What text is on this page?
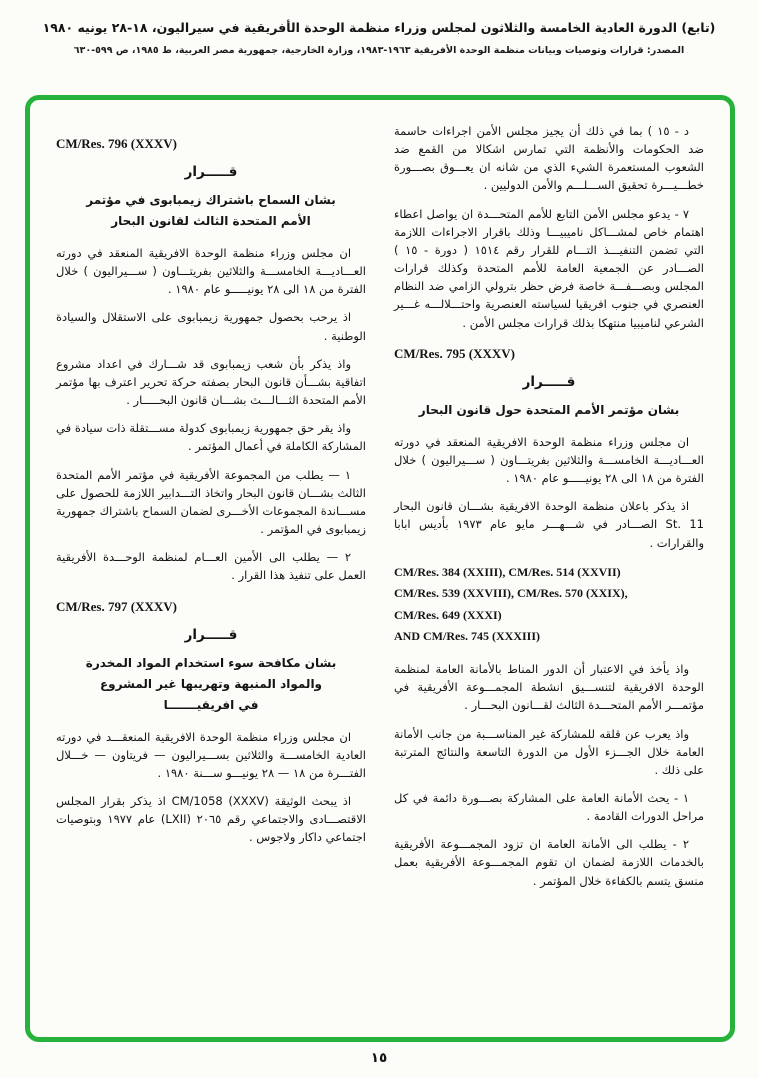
(تابع) الدورة العادية الخامسة والثلاثون لمجلس وزراء منظمة الوحدة الأفريقية في سيراليون، ١٨-٢٨ يونيه ١٩٨٠
المصدر: قرارات وتوصيات وبيانات منظمة الوحدة الأفريقية ١٩٦٣-١٩٨٣، وزارة الخارجية، جمهورية مصر العربية، ط ١٩٨٥، ص ٥٩٩-٦٣٠

د - ١٥ ) بما في ذلك أن يجيز مجلس الأمن اجراءات حاسمة ضد الحكومات والأنظمة التي تمارس اشكالا من القمع ضد الشعوب المستعمرة الشيء الذي من شانه ان يعـــوق بصـــورة خطـــيـــرة تحقيق الســـلـــم والأمن الدوليين .

٧ - يدعو مجلس الأمن التابع للأمم المتحـــدة ان يواصل اعطاء اهتمام خاص لمشـــاكل ناميبيـــا وذلك باقرار الاجراءات اللازمة التي تضمن التنفيـــذ التـــام للقرار رقم ١٥١٤ ( دورة - ١٥ ) الصـــادر عن الجمعية العامة للأمم المتحدة وكذلك قرارات المجلس وبصـــفـــة خاصة فرض حظر بترولي الزامي ضد النظام العنصري في جنوب افريقيا لسياسته العنصرية واحتـــلالـــه غـــير الشرعي لناميبيا منتهكا بذلك قرارات مجلس الأمن .

CM/Res. 795 (XXXV)
قـــــرار
بشان مؤتمر الأمم المتحدة حول قانون البحار

ان مجلس وزراء منظمة الوحدة الافريقية المنعقد في دورته العـــاديـــة الخامســـة والثلاثين بفريتـــاون ( ســـيراليون ) خلال الفترة من ١٨ الى ٢٨ يونيـــــو عام ١٩٨٠ .

اذ يذكر باعلان منظمة الوحدة الافريقية بشـــان قانون البحار St. 11 الصـــادر في شـــهـــر مايو عام ١٩٧٣ بأديس ابابا والقرارات .

CM/Res. 384 (XXIII), CM/Res. 514 (XXVII)
CM/Res. 539 (XXVIII), CM/Res. 570 (XXIX),
CM/Res. 649 (XXXI)
AND CM/Res. 745 (XXXIII)

واذ يأخذ في الاعتبار أن الدور المناط بالأمانة العامة لمنظمة الوحدة الافريقية لتنســـيق انشطة المجمـــوعة الأفريقية في مؤتمـــر الأمم المتحـــدة الثالث لقـــانون البحـــار .

واذ يعرب عن قلقه للمشاركة غير المناســـبة من جانب الأمانة العامة خلال الجـــزء الأول من الدورة التاسعة والنتائج المترتبة على ذلك .

١ - يحث الأمانة العامة على المشاركة بصـــورة دائمة في كل مراحل الدورات القادمة .

٢ - يطلب الى الأمانة العامة ان تزود المجمـــوعة الأفريقية بالخدمات اللازمة لضمان ان تقوم المجمـــوعة الأفريقية بعمل منسق يتسم بالكفاءة خلال المؤتمر .

CM/Res. 796 (XXXV)
قـــــرار
بشان السماح باشتراك زيمبابوى في مؤتمر
الأمم المتحدة الثالث لقانون البحار

ان مجلس وزراء منظمة الوحدة الافريقية المنعقد في دورته العـــاديـــة الخامســـة والثلاثين بفريتـــاون ( ســـيراليون ) خلال الفترة من ١٨ الى ٢٨ يونيـــــو عام ١٩٨٠ .

اذ يرحب بحصول جمهورية زيمبابوى على الاستقلال والسيادة الوطنية .

واذ يذكر بأن شعب زيمبابوى قد شـــارك في اعداد مشروع اتفاقية بشـــأن قانون البحار بصفته حركة تحرير اعترف بها مؤتمر الأمم المتحدة الثـــالـــث بشـــان قانون البحـــــار .

واذ يقر حق جمهورية زيمبابوى كدولة مســـتقلة ذات سيادة في المشاركة الكاملة في أعمال المؤتمر .

١ — يطلب من المجموعة الأفريقية في مؤتمر الأمم المتحدة الثالث بشـــان قانون البحار واتخاذ التـــدابير اللازمة للحصول على مســـاندة المجموعات الأخـــرى لضمان السماح باشتراك جمهورية زيمبابوى في المؤتمر .

٢ — يطلب الى الأمين العـــام لمنظمة الوحـــدة الأفريقية العمل على تنفيذ هذا القرار .

CM/Res. 797 (XXXV)
قـــــرار
بشان مكافحة سوء استخدام المواد المخدرة
والمواد المنبهة وتهريبها غير المشروع
في افريقيـــــــا

ان مجلس وزراء منظمة الوحدة الافريقية المنعقـــد في دورته العادية الخامســـة والثلاثين بســـيراليون — فريتاون — خـــلال الفتـــرة من ١٨ — ٢٨ يونيـــو ســـنة ١٩٨٠ .

اذ يبحث الوثيقة CM/1058 (XXXV) اذ يذكر بقرار المجلس الاقتصـــادى والاجتماعي رقم ٢٠٦٥ (LXII) عام ١٩٧٧ وبتوصيات اجتماعي داكار ولاجوس .

١٥
